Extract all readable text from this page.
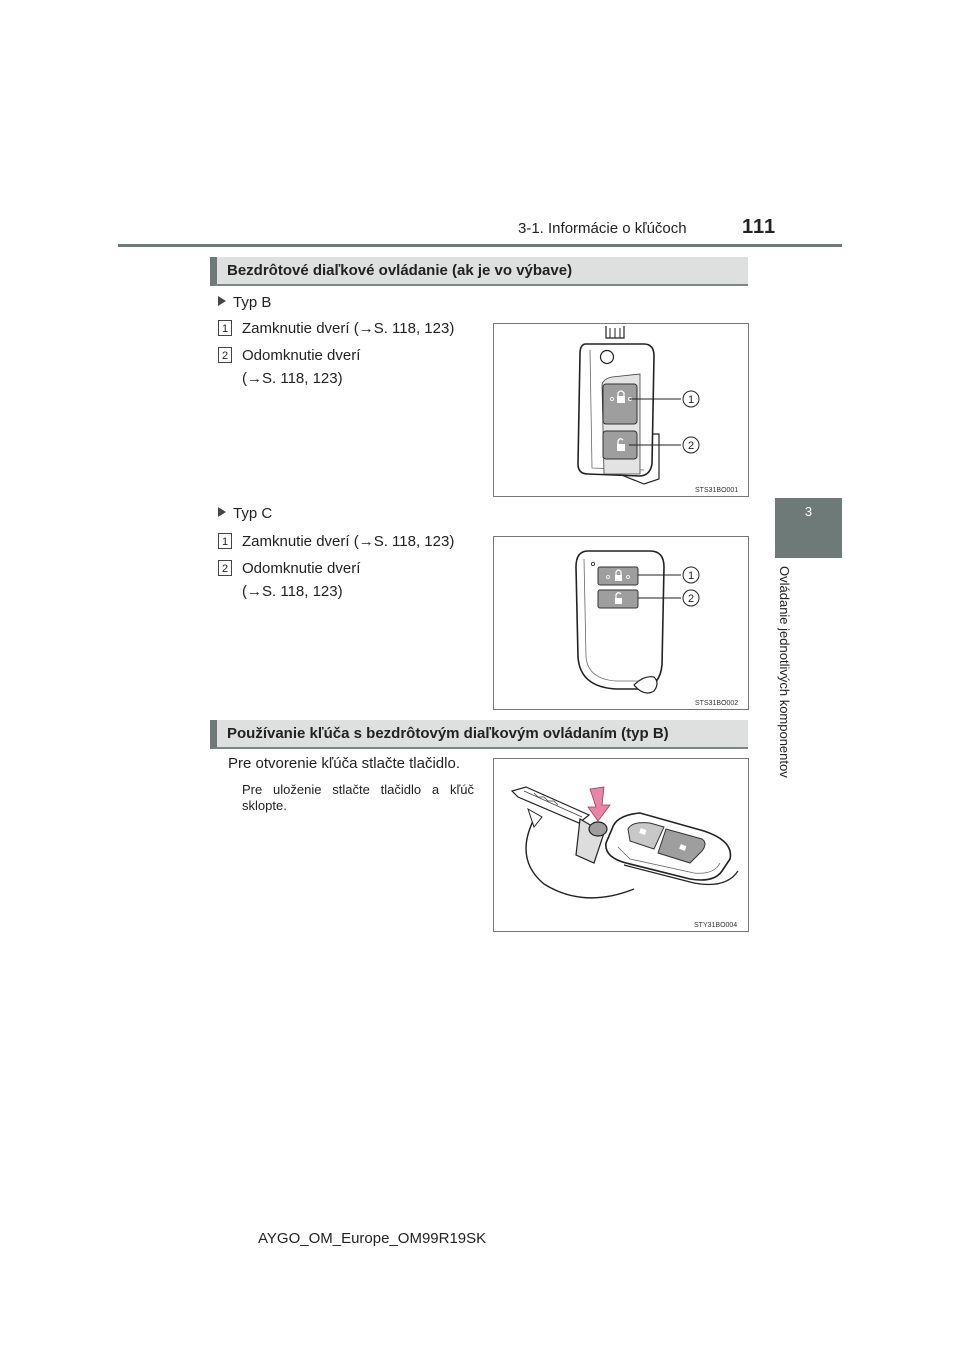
3-1. Informácie o kľúčoch	111
3
Ovládanie jednotlivých komponentov
Bezdrôtové diaľkové ovládanie (ak je vo výbave)
Typ B
1 Zamknutie dverí (→S. 118, 123)
2 Odomknutie dverí
(→S. 118, 123)
1
2
STS31BO001
Typ C
1 Zamknutie dverí (→S. 118, 123)
2 Odomknutie dverí
(→S. 118, 123)
1
2
STS31BO002
Používanie kľúča s bezdrôtovým diaľkovým ovládaním (typ B)
Pre otvorenie kľúča stlačte tlačidlo.
Pre uloženie stlačte tlačidlo a kľúč sklopte.
STY31BO004
AYGO_OM_Europe_OM99R19SK
